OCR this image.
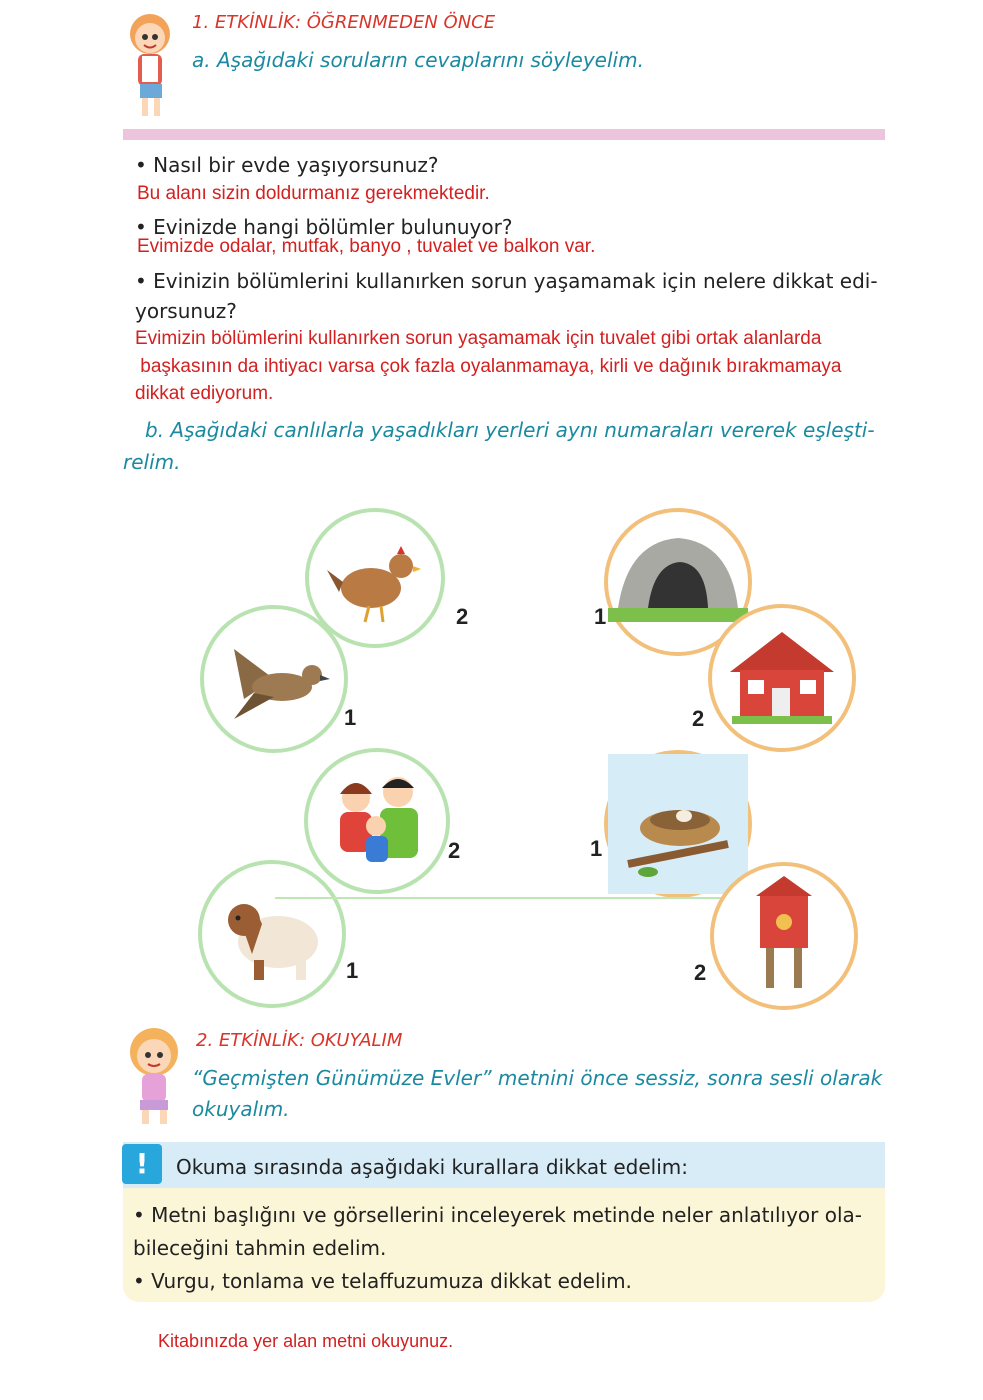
1. ETKİNLİK: ÖĞRENMEDEN ÖNCE
a. Aşağıdaki soruların cevaplarını söyleyelim.
• Nasıl bir evde yaşıyorsunuz?
Bu alanı sizin doldurmanız gerekmektedir.
• Evinizde hangi bölümler bulunuyor?
Evimizde odalar, mutfak, banyo , tuvalet ve balkon var.
• Evinizin bölümlerini kullanırken sorun yaşamamak için nelere dikkat edi-
yorsunuz?
Evimizin bölümlerini kullanırken sorun yaşamamak için tuvalet gibi ortak alanlarda
başkasının da ihtiyacı varsa çok fazla oyalanmamaya, kirli ve dağınık bırakmamaya
dikkat ediyorum.
b. Aşağıdaki canlılarla yaşadıkları yerleri aynı numaraları vererek eşleşti-
relim.
2
1
2
1
1
2
1
2
2. ETKİNLİK: OKUYALIM
“Geçmişten Günümüze Evler” metnini önce sessiz, sonra sesli olarak
okuyalım.
!	Okuma sırasında aşağıdaki kurallara dikkat edelim:
• Metni başlığını ve görsellerini inceleyerek metinde neler anlatılıyor ola-
bileceğini tahmin edelim.
• Vurgu, tonlama ve telaffuzumuza dikkat edelim.
Kitabınızda yer alan metni okuyunuz.
